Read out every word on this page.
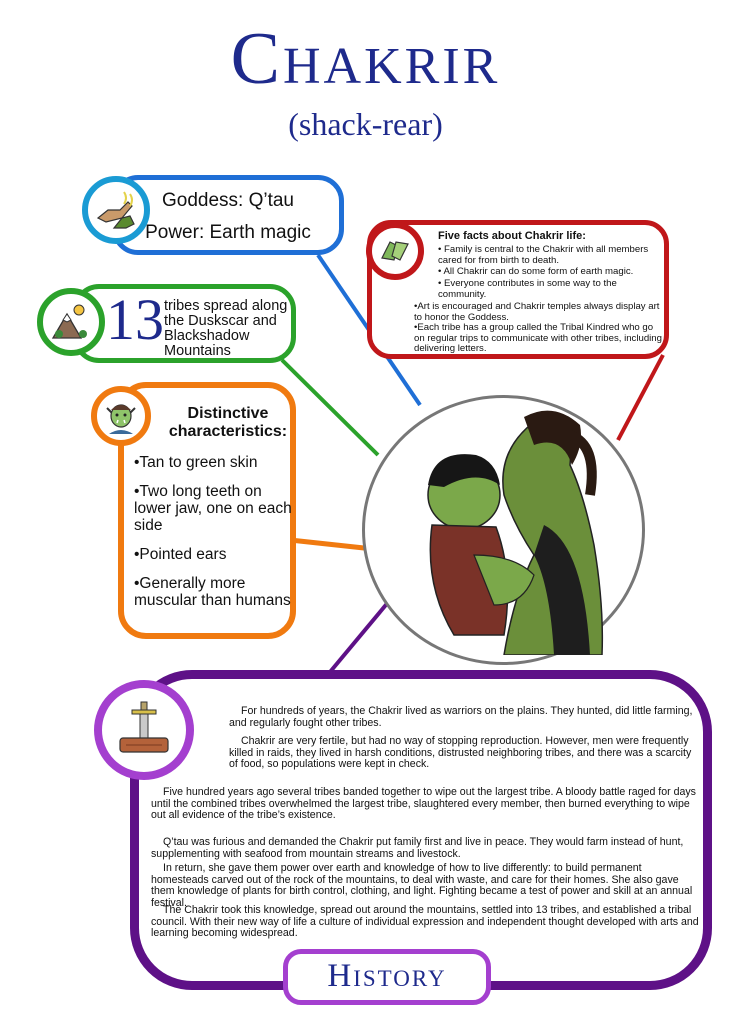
Chakrir
(shack-rear)
Goddess: Q’tau
Power: Earth magic
13 tribes spread along the Duskscar and Blackshadow Mountains
Distinctive characteristics:
•Tan to green skin
•Two long teeth on lower jaw, one on each side
•Pointed ears
•Generally more muscular than humans
Five facts about Chakrir life:
• Family is central to the Chakrir with all members cared for from birth to death.
• All Chakrir can do some form of earth magic.
• Everyone contributes in some way to the community.
•Art is encouraged and Chakrir temples always display art to honor the Goddess.
•Each tribe has a group called the Tribal Kindred who go on regular trips to communicate with other tribes, including delivering letters.

For hundreds of years, the Chakrir lived as warriors on the plains. They hunted, did little farming, and regularly fought other tribes.

Chakrir are very fertile, but had no way of stopping reproduction. However, men were frequently killed in raids, they lived in harsh conditions, distrusted neighboring tribes, and there was a scarcity of food, so populations were kept in check.

Five hundred years ago several tribes banded together to wipe out the largest tribe. A bloody battle raged for days until the combined tribes overwhelmed the largest tribe, slaughtered every member, then burned everything to wipe out all evidence of the tribe’s existence.

Q’tau was furious and demanded the Chakrir put family first and live in peace. They would farm instead of hunt, supplementing with seafood from mountain streams and livestock.

In return, she gave them power over earth and knowledge of how to live differently: to build permanent homesteads carved out of the rock of the mountains, to deal with waste, and care for their homes. She also gave them knowledge of plants for birth control, clothing, and light. Fighting became a test of power and skill at an annual festival.

The Chakrir took this knowledge, spread out around the mountains, settled into 13 tribes, and established a tribal council. With their new way of life a culture of individual expression and independent thought developed with arts and learning becoming widespread.

History
